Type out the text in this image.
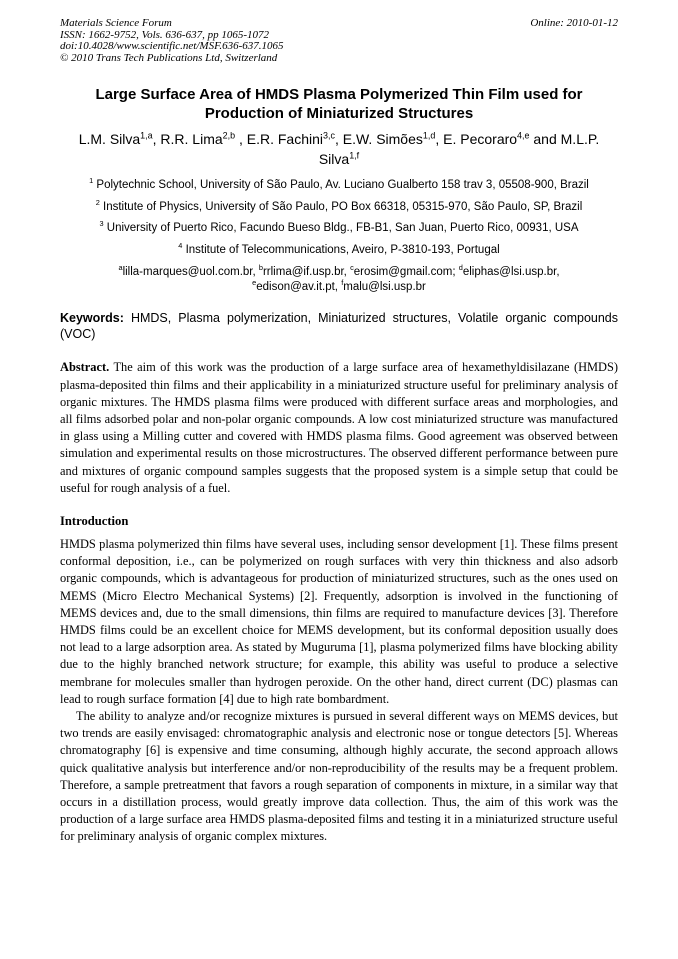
Materials Science Forum
ISSN: 1662-9752, Vols. 636-637, pp 1065-1072
doi:10.4028/www.scientific.net/MSF.636-637.1065
© 2010 Trans Tech Publications Ltd, Switzerland
Online: 2010-01-12
Large Surface Area of HMDS Plasma Polymerized Thin Film used for Production of Miniaturized Structures
L.M. Silva$^{1,a}$, R.R. Lima$^{2,b}$ , E.R. Fachini$^{3,c}$, E.W. Simões$^{1,d}$, E. Pecoraro$^{4,e}$ and M.L.P. Silva$^{1,f}$
$^1$ Polytechnic School, University of São Paulo, Av. Luciano Gualberto 158 trav 3, 05508-900, Brazil
$^2$ Institute of Physics, University of São Paulo, PO Box 66318, 05315-970, São Paulo, SP, Brazil
$^3$ University of Puerto Rico, Facundo Bueso Bldg., FB-B1, San Juan, Puerto Rico, 00931, USA
$^4$ Institute of Telecommunications, Aveiro, P-3810-193, Portugal
$^a$lilla-marques@uol.com.br, $^b$rrlima@if.usp.br, $^c$erosim@gmail.com; $^d$eliphas@lsi.usp.br, $^e$edison@av.it.pt, $^f$malu@lsi.usp.br

Keywords: HMDS, Plasma polymerization, Miniaturized structures, Volatile organic compounds (VOC)

Abstract. The aim of this work was the production of a large surface area of hexamethyldisilazane (HMDS) plasma-deposited thin films and their applicability in a miniaturized structure useful for preliminary analysis of organic mixtures. The HMDS plasma films were produced with different surface areas and morphologies, and all films adsorbed polar and non-polar organic compounds. A low cost miniaturized structure was manufactured in glass using a Milling cutter and covered with HMDS plasma films. Good agreement was observed between simulation and experimental results on those microstructures. The observed different performance between pure and mixtures of organic compound samples suggests that the proposed system is a simple setup that could be useful for rough analysis of a fuel.

Introduction

HMDS plasma polymerized thin films have several uses, including sensor development [1]. These films present conformal deposition, i.e., can be polymerized on rough surfaces with very thin thickness and also adsorb organic compounds, which is advantageous for production of miniaturized structures, such as the ones used on MEMS (Micro Electro Mechanical Systems) [2]. Frequently, adsorption is involved in the functioning of MEMS devices and, due to the small dimensions, thin films are required to manufacture devices [3]. Therefore HMDS films could be an excellent choice for MEMS development, but its conformal deposition usually does not lead to a large adsorption area. As stated by Muguruma [1], plasma polymerized films have blocking ability due to the highly branched network structure; for example, this ability was useful to produce a selective membrane for molecules smaller than hydrogen peroxide. On the other hand, direct current (DC) plasmas can lead to rough surface formation [4] due to high rate bombardment.

The ability to analyze and/or recognize mixtures is pursued in several different ways on MEMS devices, but two trends are easily envisaged: chromatographic analysis and electronic nose or tongue detectors [5]. Whereas chromatography [6] is expensive and time consuming, although highly accurate, the second approach allows quick qualitative analysis but interference and/or non-reproducibility of the results may be a frequent problem. Therefore, a sample pretreatment that favors a rough separation of components in mixture, in a similar way that occurs in a distillation process, would greatly improve data collection. Thus, the aim of this work was the production of a large surface area HMDS plasma-deposited films and testing it in a miniaturized structure useful for preliminary analysis of organic complex mixtures.
